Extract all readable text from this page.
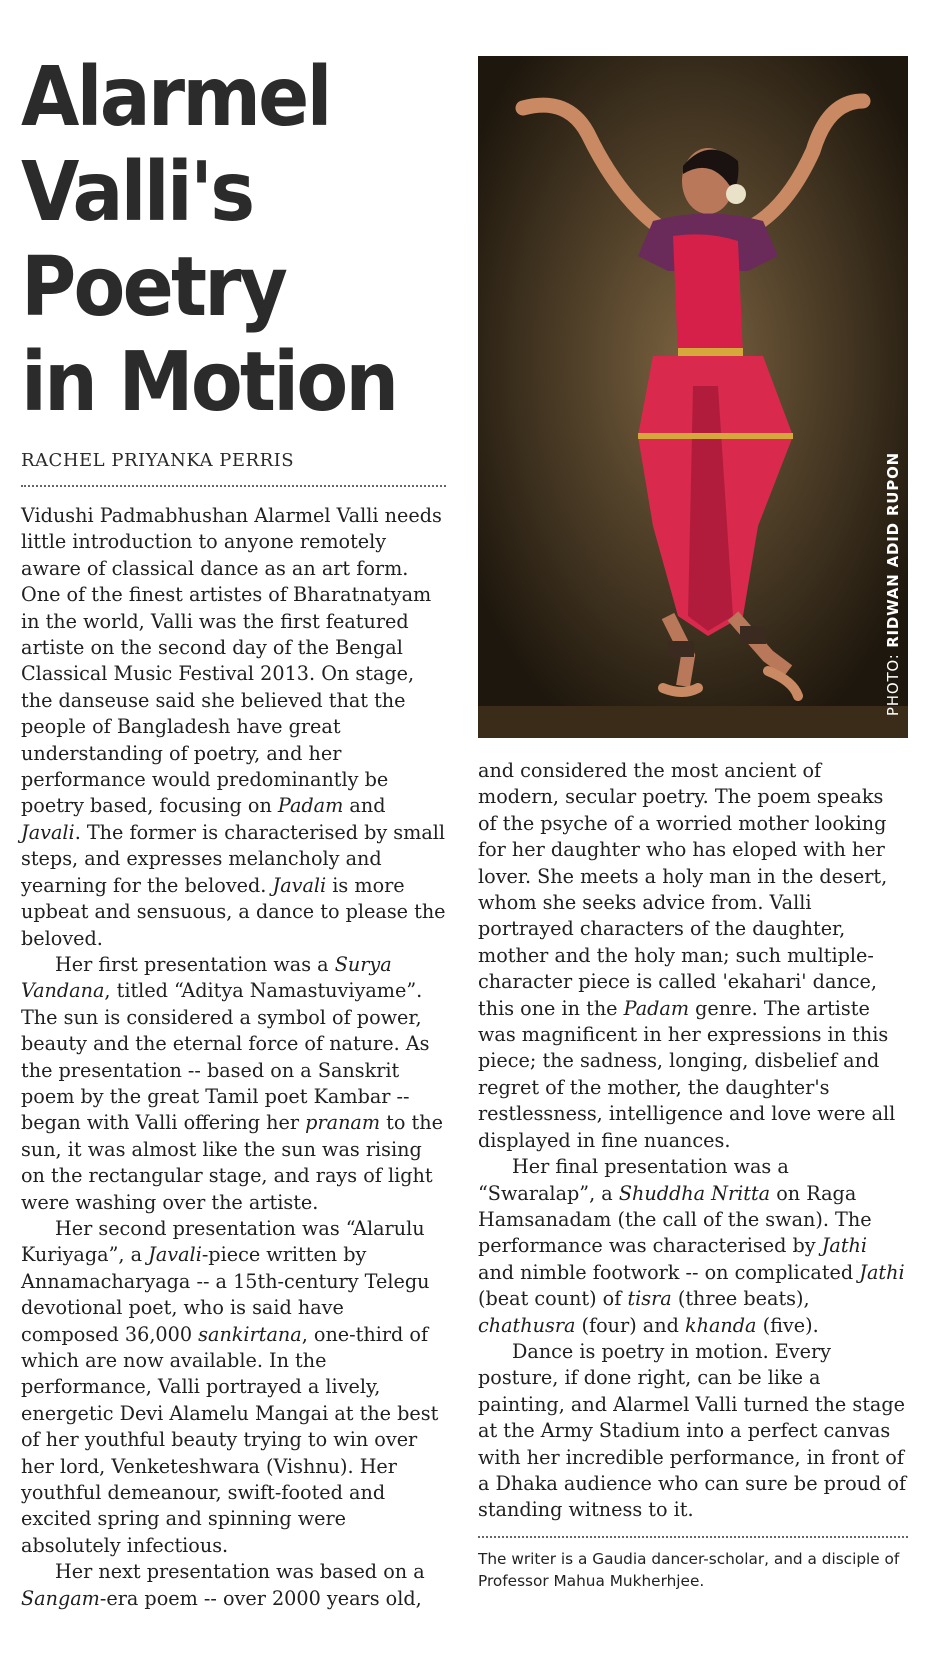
Alarmel
Valli's
Poetry
in Motion
RACHEL PRIYANKA PERRIS

Vidushi Padmabhushan Alarmel Valli needs little introduction to anyone remotely aware of classical dance as an art form. One of the finest artistes of Bharatnatyam in the world, Valli was the first featured artiste on the second day of the Bengal Classical Music Festival 2013. On stage, the danseuse said she believed that the people of Bangladesh have great understanding of poetry, and her performance would predominantly be poetry based, focusing on Padam and Javali. The former is characterised by small steps, and expresses melancholy and yearning for the beloved. Javali is more upbeat and sensuous, a dance to please the beloved.

Her first presentation was a Surya Vandana, titled “Aditya Namastuviyame”. The sun is considered a symbol of power, beauty and the eternal force of nature. As the presentation -- based on a Sanskrit poem by the great Tamil poet Kambar -- began with Valli offering her pranam to the sun, it was almost like the sun was rising on the rectangular stage, and rays of light were washing over the artiste.

Her second presentation was “Alarulu Kuriyaga”, a Javali-piece written by Annamacharyaga -- a 15th-century Telegu devotional poet, who is said have composed 36,000 sankirtana, one-third of which are now available. In the performance, Valli portrayed a lively, energetic Devi Alamelu Mangai at the best of her youthful beauty trying to win over her lord, Venketeshwara (Vishnu). Her youthful demeanour, swift-footed and excited spring and spinning were absolutely infectious.

Her next presentation was based on a Sangam-era poem -- over 2000 years old,

PHOTO: RIDWAN ADID RUPON

and considered the most ancient of modern, secular poetry. The poem speaks of the psyche of a worried mother looking for her daughter who has eloped with her lover. She meets a holy man in the desert, whom she seeks advice from. Valli portrayed characters of the daughter, mother and the holy man; such multiple-character piece is called 'ekahari' dance, this one in the Padam genre. The artiste was magnificent in her expressions in this piece; the sadness, longing, disbelief and regret of the mother, the daughter's restlessness, intelligence and love were all displayed in fine nuances.

Her final presentation was a “Swaralap”, a Shuddha Nritta on Raga Hamsanadam (the call of the swan). The performance was characterised by Jathi and nimble footwork -- on complicated Jathi (beat count) of tisra (three beats), chathusra (four) and khanda (five).

Dance is poetry in motion. Every posture, if done right, can be like a painting, and Alarmel Valli turned the stage at the Army Stadium into a perfect canvas with her incredible performance, in front of a Dhaka audience who can sure be proud of standing witness to it.

The writer is a Gaudia dancer-scholar, and a disciple of Professor Mahua Mukherhjee.
